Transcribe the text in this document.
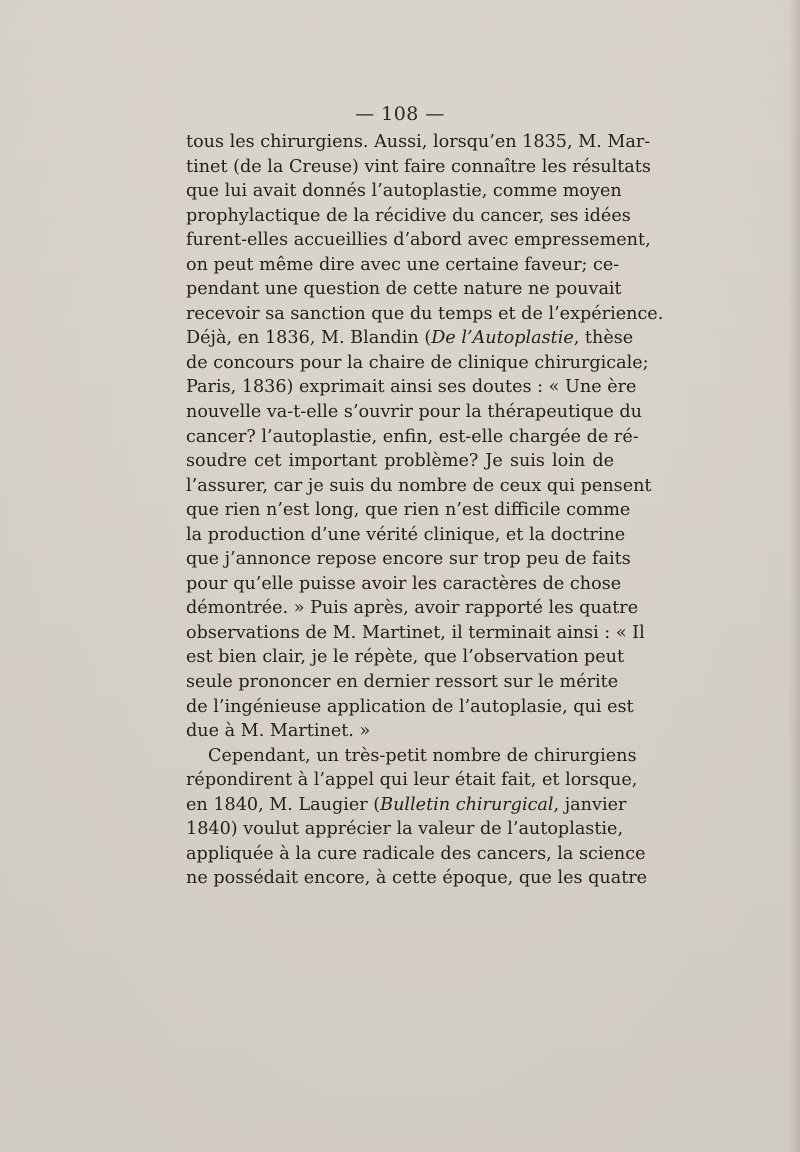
— 108 —
tous les chirurgiens. Aussi, lorsqu’en 1835, M. Mar-
tinet (de la Creuse) vint faire connaître les résultats
que lui avait donnés l’autoplastie, comme moyen
prophylactique de la récidive du cancer, ses idées
furent-elles accueillies d’abord avec empressement,
on peut même dire avec une certaine faveur; ce-
pendant une question de cette nature ne pouvait
recevoir sa sanction que du temps et de l’expérience.
Déjà, en 1836, M. Blandin (De l’Autoplastie, thèse
de concours pour la chaire de clinique chirurgicale;
Paris, 1836) exprimait ainsi ses doutes : « Une ère
nouvelle va-t-elle s’ouvrir pour la thérapeutique du
cancer? l’autoplastie, enfin, est-elle chargée de ré-
soudre cet important problème? Je suis loin de
l’assurer, car je suis du nombre de ceux qui pensent
que rien n’est long, que rien n’est difficile comme
la production d’une vérité clinique, et la doctrine
que j’annonce repose encore sur trop peu de faits
pour qu’elle puisse avoir les caractères de chose
démontrée. » Puis après, avoir rapporté les quatre
observations de M. Martinet, il terminait ainsi : « Il
est bien clair, je le répète, que l’observation peut
seule prononcer en dernier ressort sur le mérite
de l’ingénieuse application de l’autoplasie, qui est
due à M. Martinet. »
Cependant, un très-petit nombre de chirurgiens
répondirent à l’appel qui leur était fait, et lorsque,
en 1840, M. Laugier (Bulletin chirurgical, janvier
1840) voulut apprécier la valeur de l’autoplastie,
appliquée à la cure radicale des cancers, la science
ne possédait encore, à cette époque, que les quatre
